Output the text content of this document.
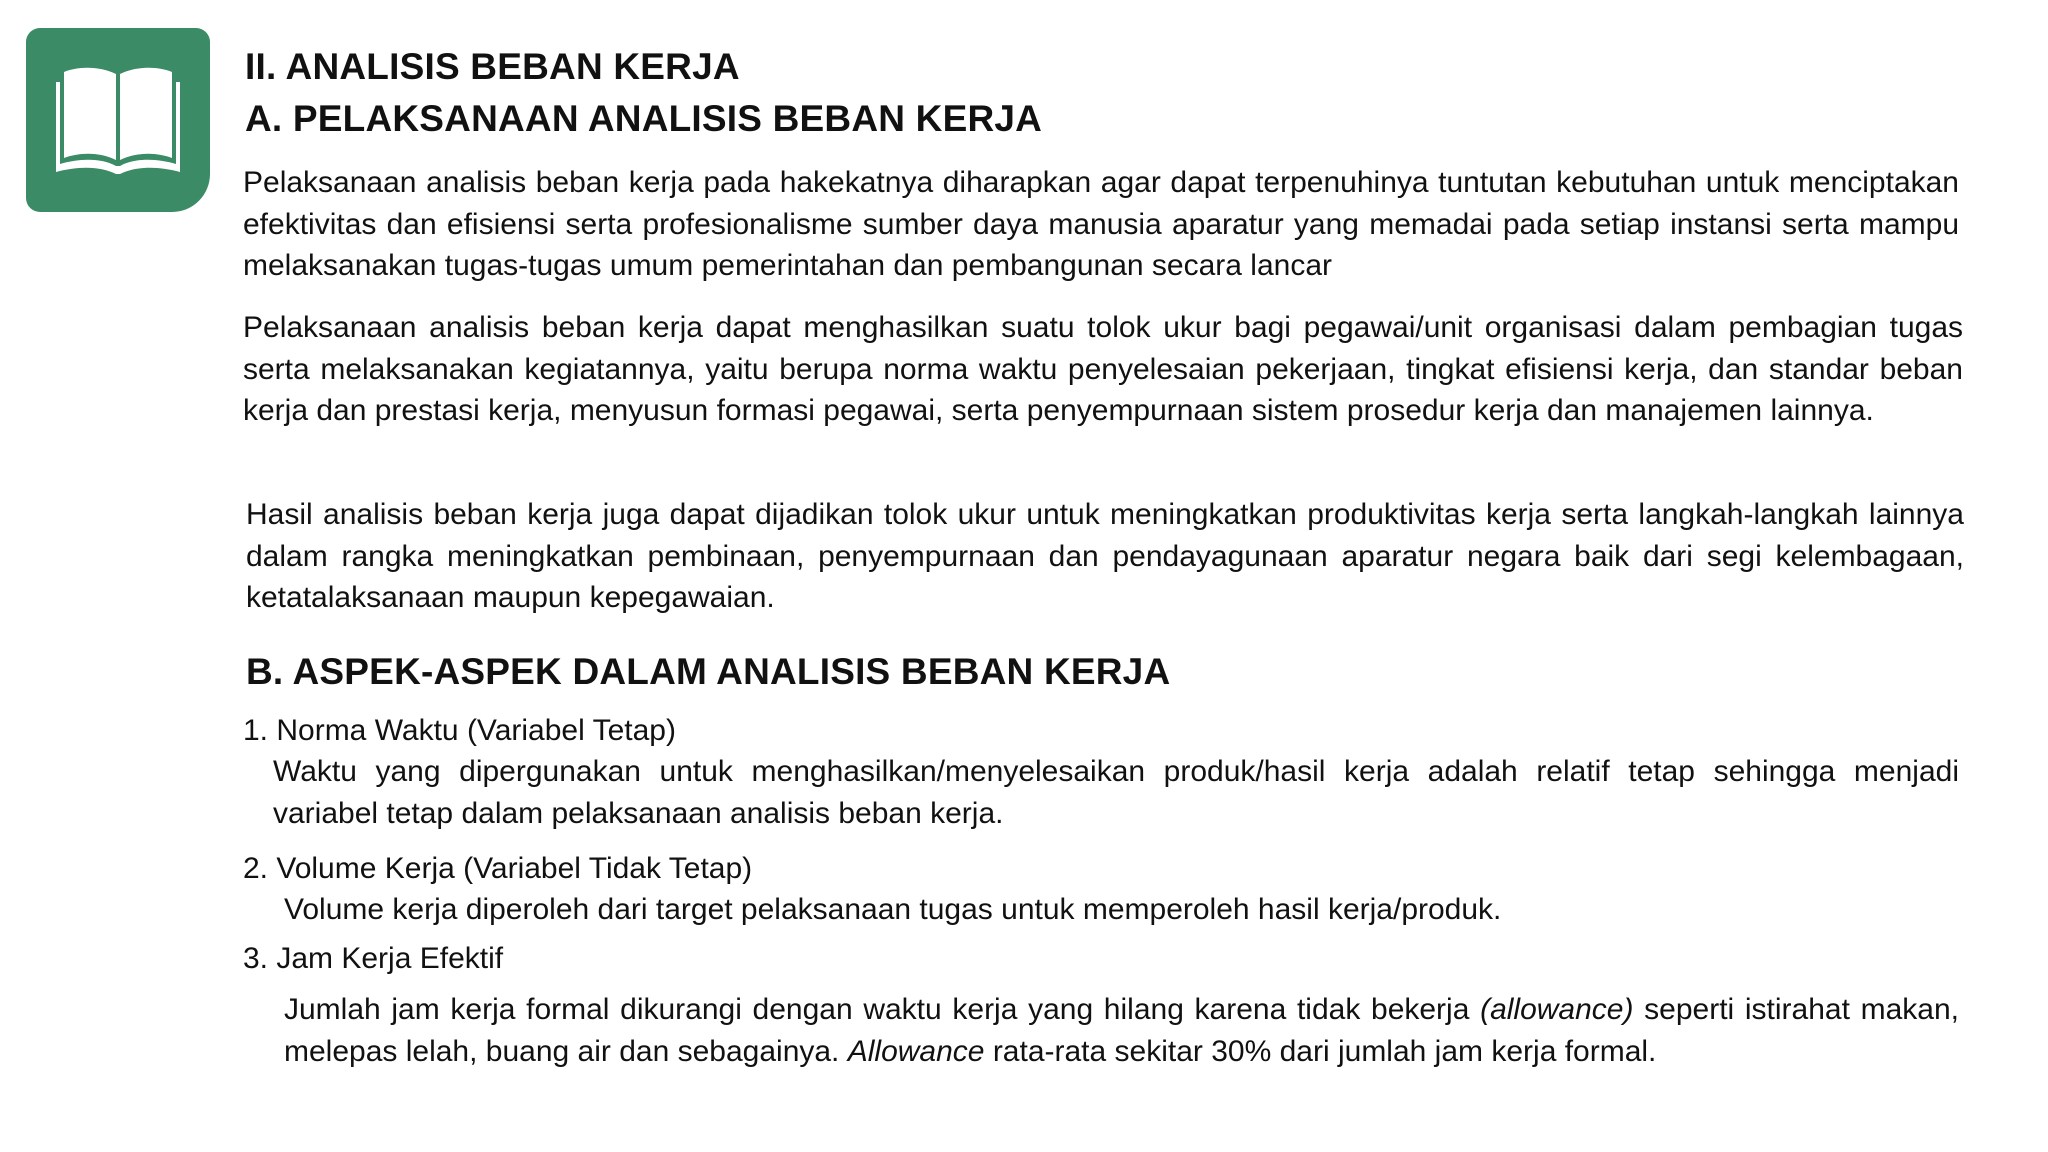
II. ANALISIS BEBAN KERJA
A. PELAKSANAAN ANALISIS BEBAN KERJA

Pelaksanaan analisis beban kerja pada hakekatnya diharapkan agar dapat terpenuhinya tuntutan kebutuhan untuk menciptakan efektivitas dan efisiensi serta profesionalisme sumber daya manusia aparatur yang memadai pada setiap instansi serta mampu melaksanakan tugas-tugas umum pemerintahan dan pembangunan secara lancar

Pelaksanaan analisis beban kerja dapat menghasilkan suatu tolok ukur bagi pegawai/unit organisasi dalam pembagian tugas serta melaksanakan kegiatannya, yaitu berupa norma waktu penyelesaian pekerjaan, tingkat efisiensi kerja, dan standar beban kerja dan prestasi kerja, menyusun formasi pegawai, serta penyempurnaan sistem prosedur kerja dan manajemen lainnya.

Hasil analisis beban kerja juga dapat dijadikan tolok ukur untuk meningkatkan produktivitas kerja serta langkah-langkah lainnya dalam rangka meningkatkan pembinaan, penyempurnaan dan pendayagunaan aparatur negara baik dari segi kelembagaan, ketatalaksanaan maupun kepegawaian.

B. ASPEK-ASPEK DALAM ANALISIS BEBAN KERJA

1. Norma Waktu (Variabel Tetap)

Waktu yang dipergunakan untuk menghasilkan/menyelesaikan produk/hasil kerja adalah relatif tetap sehingga menjadi variabel tetap dalam pelaksanaan analisis beban kerja.

2. Volume Kerja (Variabel Tidak Tetap)

Volume kerja diperoleh dari target pelaksanaan tugas untuk memperoleh hasil kerja/produk.

3. Jam Kerja Efektif

Jumlah jam kerja formal dikurangi dengan waktu kerja yang hilang karena tidak bekerja (allowance) seperti istirahat makan, melepas lelah, buang air dan sebagainya. Allowance rata-rata sekitar 30% dari jumlah jam kerja formal.
